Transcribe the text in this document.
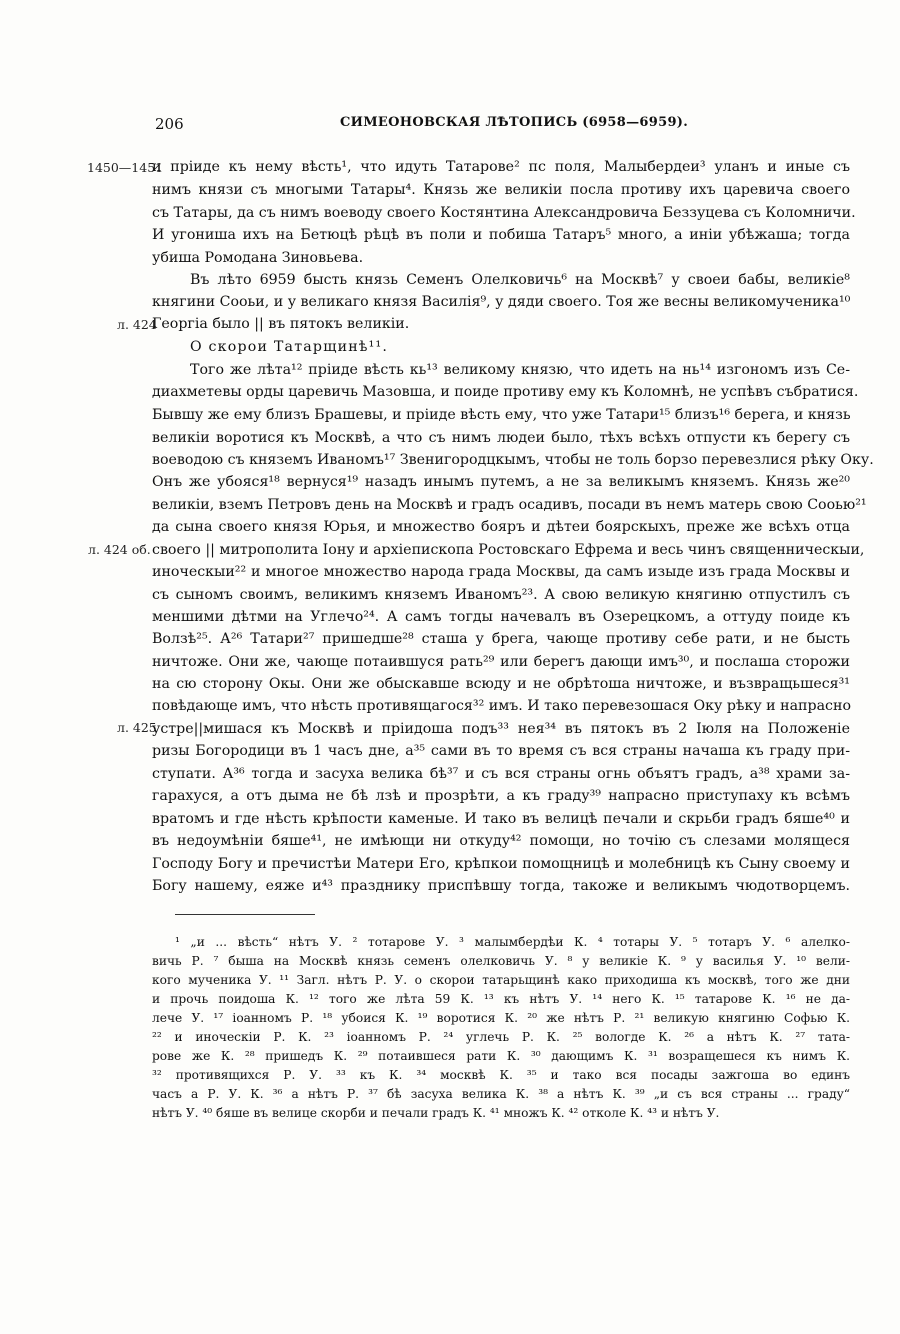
206	СИМЕОНОВСКАЯ ЛѢТОПИСЬ (6958—6959).
1450—1451
л. 424
л. 424 об.
л. 425
и пріиде къ нему вѣсть¹, что идуть Татарове² пс поля, Малыбердеи³ уланъ и иные съ
нимъ князи съ многыми Татары⁴. Князь же великіи посла противу ихъ царевича своего
съ Татары, да съ нимъ воеводу своего Костянтина Александровича Беззуцева съ Коломничи.
И угониша ихъ на Бетюцѣ рѣцѣ въ поли и побиша Татаръ⁵ много, а иніи убѣжаша; тогда
убиша Ромодана Зиновьева.
Въ лѣто 6959 бысть князь Семенъ Олелковичь⁶ на Москвѣ⁷ у своеи бабы, великіе⁸
княгини Сооьи, и у великаго князя Василія⁹, у дяди своего. Тоя же весны великомученика¹⁰
Георгіа было || въ пятокъ великіи.
О скорои Татарщинѣ¹¹.
Того же лѣта¹² пріиде вѣсть кь¹³ великому князю, что идеть на нь¹⁴ изгономъ изъ Се-
диахметевы орды царевичь Мазовша, и поиде противу ему къ Коломнѣ, не успѣвъ събратися.
Бывшу же ему близъ Брашевы, и пріиде вѣсть ему, что уже Татари¹⁵ близъ¹⁶ берега, и князь
великіи воротися къ Москвѣ, а что съ нимъ людеи было, тѣхъ всѣхъ отпусти къ берегу съ
воеводою съ княземъ Иваномъ¹⁷ Звенигородцкымъ, чтобы не толь борзо перевезлися рѣку Оку.
Онъ же убояся¹⁸ вернуся¹⁹ назадъ инымъ путемъ, а не за великымъ княземъ. Князь же²⁰
великіи, вземъ Петровъ день на Москвѣ и градъ осадивъ, посади въ немъ матерь свою Сооью²¹
да сына своего князя Юрья, и множество бояръ и дѣтеи боярскыхъ, преже же всѣхъ отца
своего || митрополита Іону и архіепископа Ростовскаго Ефрема и весь чинъ священническыи,
иноческыи²² и многое множество народа града Москвы, да самъ изыде изъ града Москвы и
съ сыномъ своимъ, великимъ княземъ Иваномъ²³. А свою великую княгиню отпустилъ съ
меншими дѣтми на Углечо²⁴. А самъ тогды начевалъ въ Озерецкомъ, а оттуду поиде къ
Волзѣ²⁵. А²⁶ Татари²⁷ пришедше²⁸ сташа у брега, чающе противу себе рати, и не бысть
ничтоже. Они же, чающе потаившуся рать²⁹ или берегъ дающи имъ³⁰, и послаша сторожи
на сю сторону Окы. Они же обыскавше всюду и не обрѣтоша ничтоже, и възвращьшеся³¹
повѣдающе имъ, что нѣсть противящагося³² имъ. И тако перевезошася Оку рѣку и напрасно
устре||мишася къ Москвѣ и пріидоша подъ³³ нея³⁴ въ пятокъ въ 2 Іюля на Положеніе
ризы Богородици въ 1 часъ дне, а³⁵ сами въ то время съ вся страны начаша къ граду при-
ступати. А³⁶ тогда и засуха велика бѣ³⁷ и съ вся страны огнь объятъ градъ, а³⁸ храми за-
гарахуся, а отъ дыма не бѣ лзѣ и прозрѣти, а къ граду³⁹ напрасно приступаху къ всѣмъ
вратомъ и где нѣсть крѣпости каменые. И тако въ велицѣ печали и скрьби градъ бяше⁴⁰ и
въ недоумѣніи бяше⁴¹, не имѣющи ни откуду⁴² помощи, но точію съ слезами молящеся
Господу Богу и пречистѣи Матери Его, крѣпкои помощницѣ и молебницѣ къ Сыну своему и
Богу нашему, еяже и⁴³ празднику приспѣвшу тогда, такоже и великымъ чюдотворцемъ.
¹ „и ... вѣсть“ нѣтъ У. ² тотарове У. ³ малымбердѣи К. ⁴ тотары У. ⁵ тотаръ У. ⁶ алелко-
вичь Р. ⁷ быша на Москвѣ князь семенъ олелковичь У. ⁸ у великіе К. ⁹ у василья У. ¹⁰ вели-
кого мученика У. ¹¹ Загл. нѣтъ Р. У. о скорои татарьщинѣ како приходиша къ москвѣ, того же дни
и прочь поидоша К. ¹² того же лѣта 59 К. ¹³ къ нѣтъ У. ¹⁴ него К. ¹⁵ татарове К. ¹⁶ не да-
лече У. ¹⁷ іоанномъ Р. ¹⁸ убоися К. ¹⁹ воротися К. ²⁰ же нѣтъ Р. ²¹ великую княгиню Софью К.
²² и иноческіи Р. К. ²³ іоанномъ Р. ²⁴ углечь Р. К. ²⁵ вологде К. ²⁶ а нѣтъ К. ²⁷ тата-
рове же К. ²⁸ пришедъ К. ²⁹ потаившеся рати К. ³⁰ дающимъ К. ³¹ возращешеся къ нимъ К.
³² противящихся Р. У. ³³ къ К. ³⁴ москвѣ К. ³⁵ и тако вся посады зажгоша во единъ
часъ а Р. У. К. ³⁶ а нѣтъ Р. ³⁷ бѣ засуха велика К. ³⁸ а нѣтъ К. ³⁹ „и съ вся страны ... граду“
нѣтъ У. ⁴⁰ бяше въ велице скорби и печали градъ К. ⁴¹ множъ К. ⁴² отколе К. ⁴³ и нѣтъ У.
